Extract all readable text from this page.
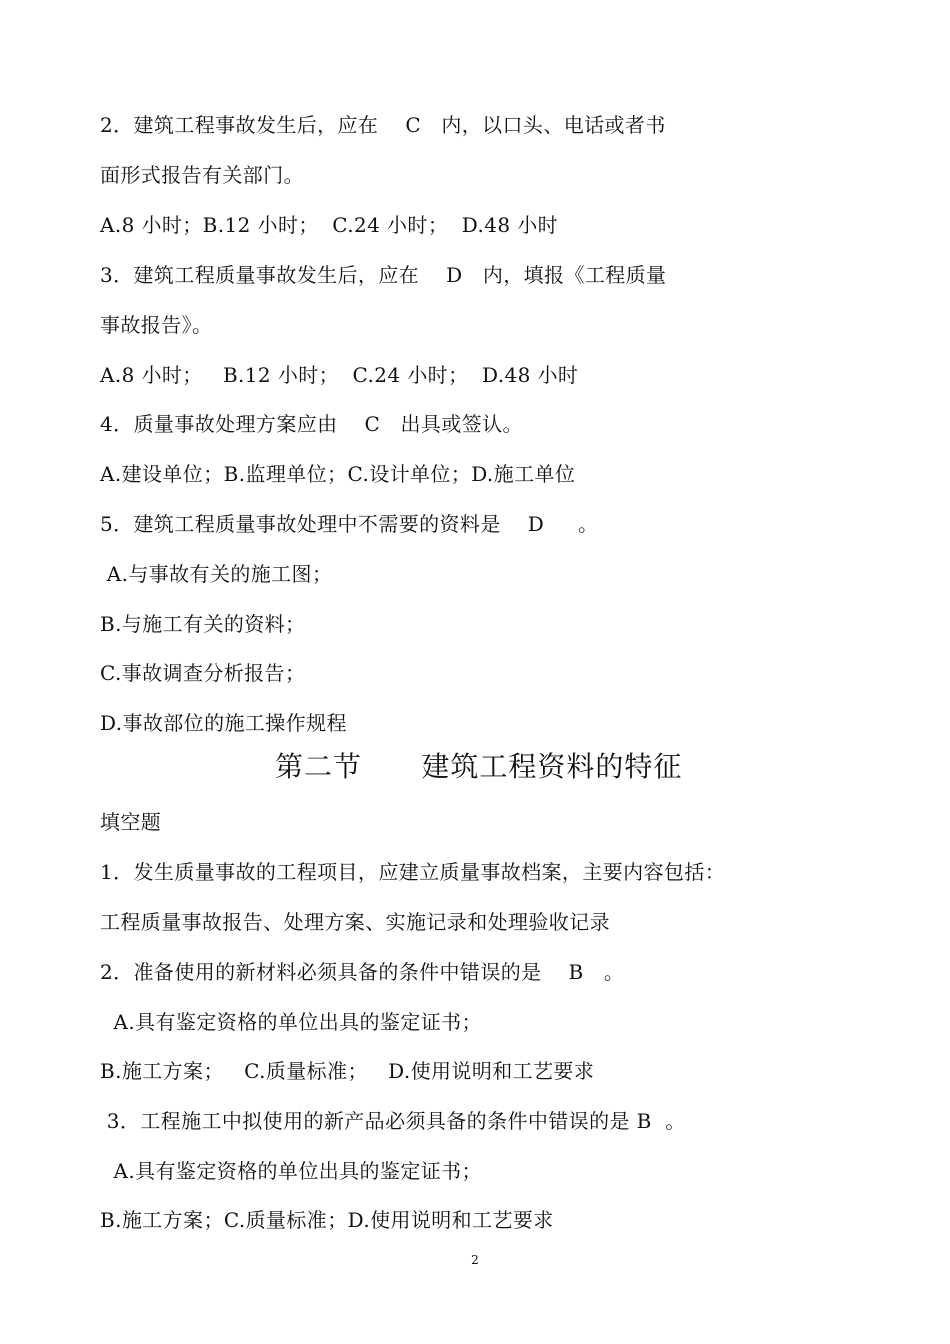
2．建筑工程事故发生后，应在    C   内，以口头、电话或者书
面形式报告有关部门。
A.8 小时；B.12 小时；  C.24 小时；  D.48 小时
3．建筑工程质量事故发生后，应在    D   内，填报《工程质量
事故报告》。
A.8 小时；   B.12 小时；  C.24 小时；  D.48 小时
4．质量事故处理方案应由    C   出具或签认。
A.建设单位；B.监理单位；C.设计单位；D.施工单位
5．建筑工程质量事故处理中不需要的资料是    D     。
A.与事故有关的施工图；
B.与施工有关的资料；
C.事故调查分析报告；
D.事故部位的施工操作规程
第二节      建筑工程资料的特征
填空题
1．发生质量事故的工程项目，应建立质量事故档案，主要内容包括：
工程质量事故报告、处理方案、实施记录和处理验收记录
2．准备使用的新材料必须具备的条件中错误的是    B   。
A.具有鉴定资格的单位出具的鉴定证书；
B.施工方案；   C.质量标准；   D.使用说明和工艺要求
3．工程施工中拟使用的新产品必须具备的条件中错误的是 B  。
A.具有鉴定资格的单位出具的鉴定证书；
B.施工方案；C.质量标准；D.使用说明和工艺要求
2
